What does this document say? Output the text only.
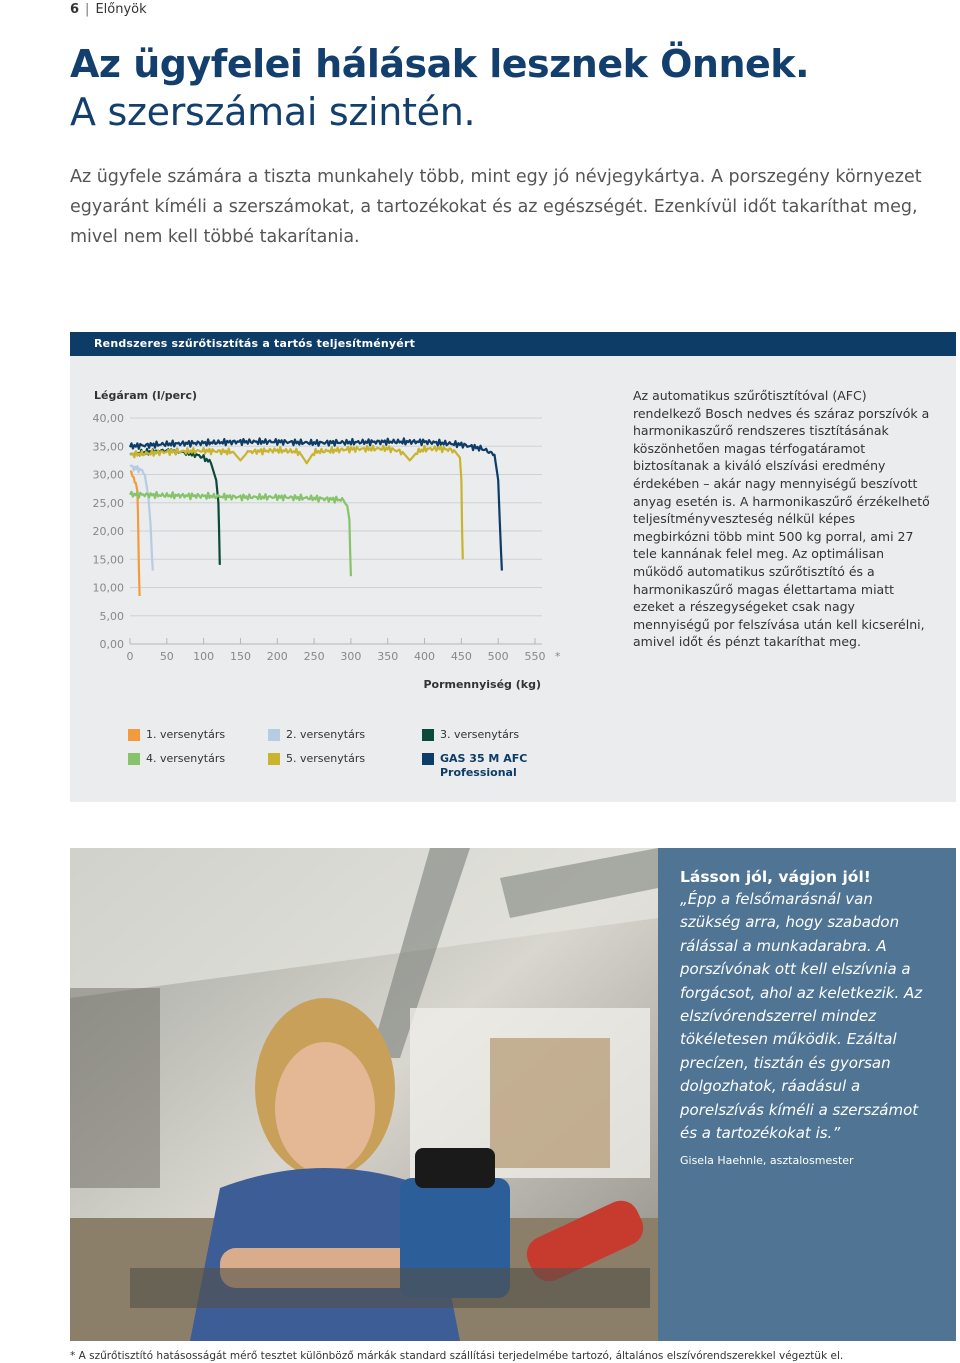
6 | Előnyök
Az ügyfelei hálásak lesznek Önnek.
A szerszámai szintén.

Az ügyfele számára a tiszta munkahely több, mint egy jó névjegykártya. A porszegény környezet egyaránt kíméli a szerszámokat, a tartozékokat és az egészségét. Ezenkívül időt takaríthat meg, mivel nem kell többé takarítania.

Rendszeres szűrőtisztítás a tartós teljesítményért
Légáram (l/perc)
40,00
35,00
30,00
25,00
20,00
15,00
10,00
5,00
0,00
0 50 100 150 200 250 300 350 400 450 500 550 *
Pormennyiség (kg)

Az automatikus szűrőtisztítóval (AFC) rendelkező Bosch nedves és száraz porszívók a harmonikaszűrő rendszeres tisztításának köszönhetően magas térfogatáramot biztosítanak a kiváló elszívási eredmény érdekében – akár nagy mennyiségű beszívott anyag esetén is. A harmonikaszűrő érzékelhető teljesítményveszteség nélkül képes megbirkózni több mint 500 kg porral, ami 27 tele kannának felel meg. Az optimálisan működő automatikus szűrőtisztító és a harmonikaszűrő magas élettartama miatt ezeket a részegységeket csak nagy mennyiségű por felszívása után kell kicserélni, amivel időt és pénzt takaríthat meg.

1. versenytárs	2. versenytárs	3. versenytárs
4. versenytárs	5. versenytárs	GAS 35 M AFC
Professional
Lásson jól, vágjon jól!
„Épp a felsőmarásnál van szükség arra, hogy szabadon rálással a munkadarabra. A porszívónak ott kell elszívnia a forgácsot, ahol az keletkezik. Az elszívórendszerrel mindez tökéletesen működik. Ezáltal precízen, tisztán és gyorsan dolgozhatok, ráadásul a porelszívás kíméli a szerszámot és a tartozékokat is.”
Gisela Haehnle, asztalosmester
* A szűrőtisztító hatásosságát mérő tesztet különböző márkák standard szállítási terjedelmébe tartozó, általános elszívórendszerekkel végeztük el.
